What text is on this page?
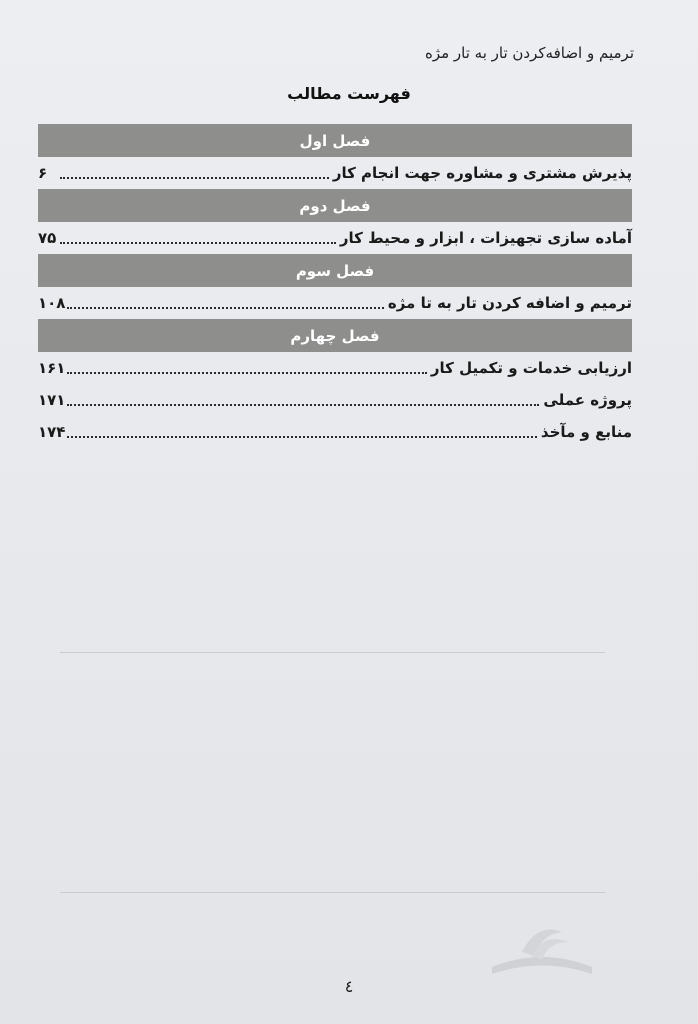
ترمیم و اضافه‌کردن تار به تار مژه
فهرست مطالب
فصل اول
پذیرش مشتری و مشاوره جهت انجام کار
۶
فصل دوم
آماده سازی تجهیزات ، ابزار و محیط کار
۷۵
فصل سوم
ترمیم و اضافه کردن تار به تا مژه
۱۰۸
فصل چهارم
ارزیابی خدمات و تکمیل کار
۱۶۱
پروژه عملی
۱۷۱
منابع و مآخذ
۱۷۴
٤
